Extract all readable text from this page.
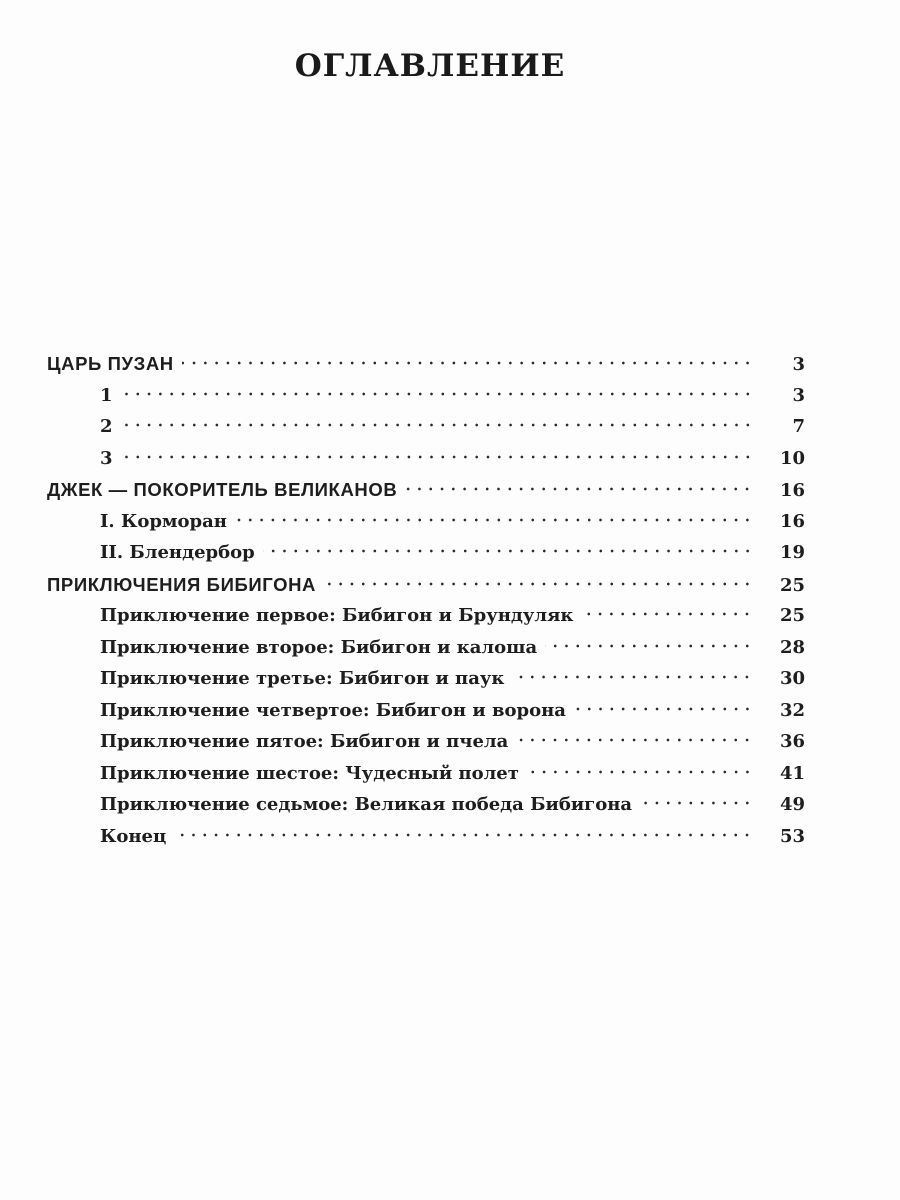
ОГЛАВЛЕНИЕ
ЦАРЬ ПУЗАН	3
1	3
2	7
3	10
ДЖЕК — ПОКОРИТЕЛЬ ВЕЛИКАНОВ	16
I. Корморан	16
II. Блендербор	19
ПРИКЛЮЧЕНИЯ БИБИГОНА	25
Приключение первое: Бибигон и Брундуляк	25
Приключение второе: Бибигон и калоша	28
Приключение третье: Бибигон и паук	30
Приключение четвертое: Бибигон и ворона	32
Приключение пятое: Бибигон и пчела	36
Приключение шестое: Чудесный полет	41
Приключение седьмое: Великая победа Бибигона	49
Конец	53
